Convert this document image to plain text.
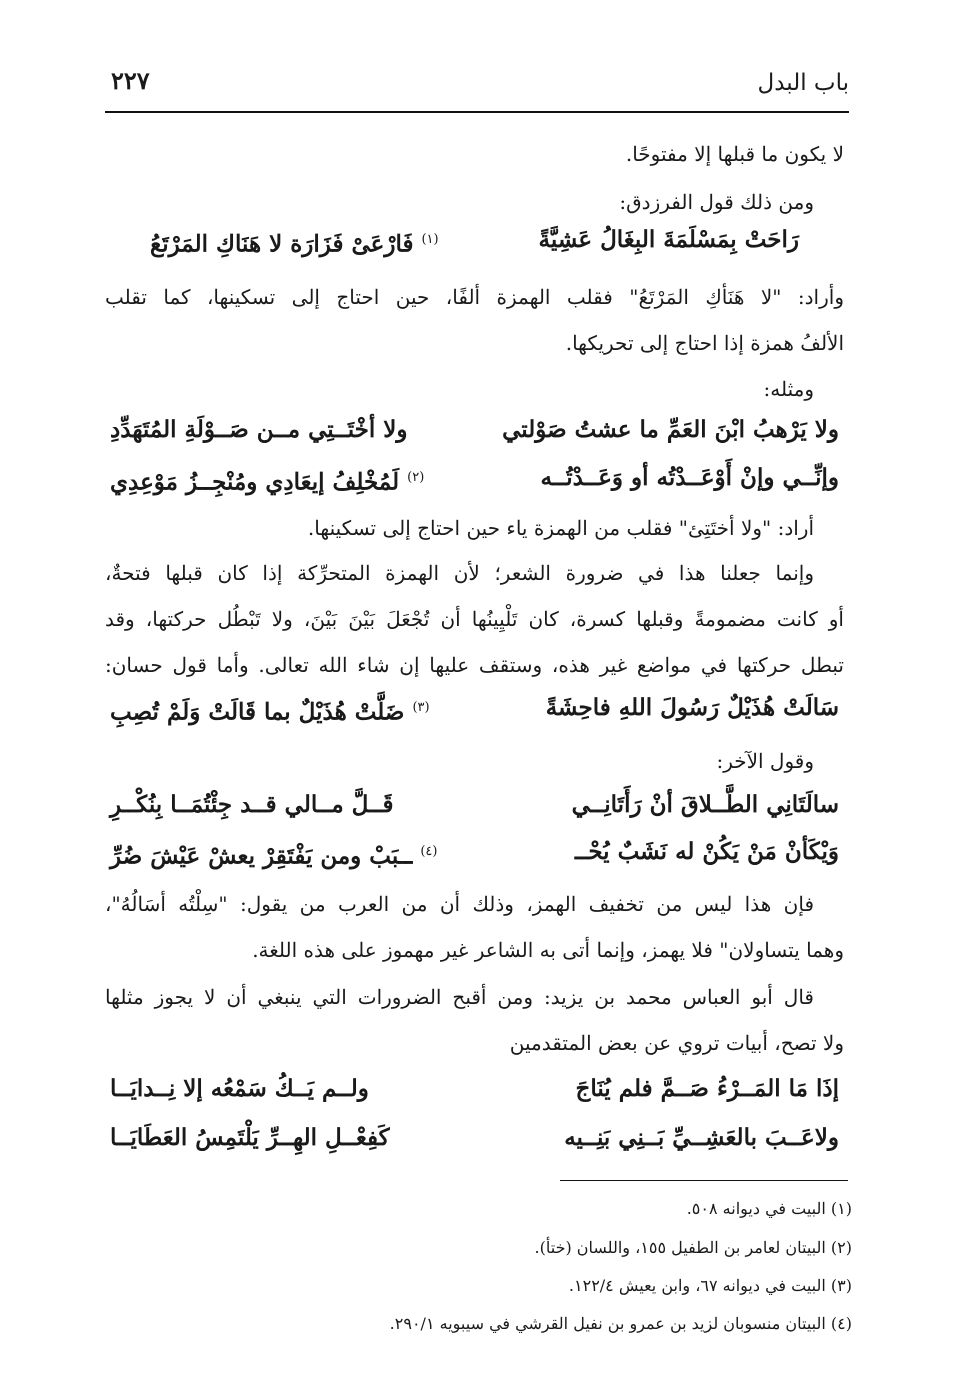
باب البدل
٢٢٧
لا يكون ما قبلها إلا مفتوحًا.
ومن ذلك قول الفرزدق:
رَاحَتْ بِمَسْلَمَةَ البِغَالُ عَشِيَّةً
$^{(١)}$ فَارْعَىْ فَزَارَة لا هَنَاكِ المَرْتَعُ
وأراد: "لا هَنَأكِ المَرْتَعُ" فقلب الهمزة ألفًا، حين احتاج إلى تسكينها، كما تقلب
الألفُ همزة إذا احتاج إلى تحريكها.
ومثله:
ولا يَرْهبُ ابْنَ العَمِّ ما عشتُ صَوْلتي
ولا أخْتَــتِي مــن صَــوْلَةِ المُتَهَدِّدِ
وإنِّــي وإنْ أَوْعَــدْتُه أو وَعَــدْتُــه
$^{(٢)}$ لَمُخْلِفُ إيعَادِي ومُنْجِــزُ مَوْعِدِي
أراد: "ولا أختَتِئ" فقلب من الهمزة ياء حين احتاج إلى تسكينها.
وإنما جعلنا هذا في ضرورة الشعر؛ لأن الهمزة المتحرِّكة إذا كان قبلها فتحةٌ،
أو كانت مضمومةً وقبلها كسرة، كان تَلْيِينُها أن تُجْعَلَ بَيْنَ بَيْنَ، ولا تَبْطُل حركتها، وقد
تبطل حركتها في مواضع غير هذه، وستقف عليها إن شاء الله تعالى. وأما قول حسان:
سَالَتْ هُذَيْلٌ رَسُولَ اللهِ فاحِشَةً
$^{(٣)}$ ضَلَّتْ هُذَيْلٌ بما قَالَتْ وَلَمْ تُصِبِ
وقول الآخر:
سالَتَانِي الطَّــلاقَ أنْ رَأَتَانِــي
قَــلَّ مــالي قــد جِئْتُمَــا بِنُكْــرِ
وَيْكَأنْ مَنْ يَكُنْ له نَشَبٌ يُحْــ
$^{(٤)}$ ــبَبْ ومن يَفْتَقِرْ يعشْ عَيْشَ ضُرِّ
فإن هذا ليس من تخفيف الهمز، وذلك أن من العرب من يقول: "سِلْتُه أسَالُهُ"،
وهما يتساولان" فلا يهمز، وإنما أتى به الشاعر غير مهموز على هذه اللغة.
قال أبو العباس محمد بن يزيد: ومن أقبح الضرورات التي ينبغي أن لا يجوز مثلها
ولا تصح، أبيات تروي عن بعض المتقدمين
إذَا مَا المَــرْءُ صَــمَّ فلم يُنَاجَ
ولــم يَــكُ سَمْعُه إلا نِــدايَــا
ولاعَــبَ بالعَشِــيِّ بَــنِي بَنِــيه
كَفِعْــلِ الهِــرِّ يَلْتَمِسُ العَطَايَــا
(١) البيت في ديوانه ٥٠٨.
(٢) البيتان لعامر بن الطفيل ١٥٥، واللسان (ختأ).
(٣) البيت في ديوانه ٦٧، وابن يعيش ١٢٢/٤.
(٤) البيتان منسوبان لزيد بن عمرو بن نفيل القرشي في سيبويه ٢٩٠/١.
